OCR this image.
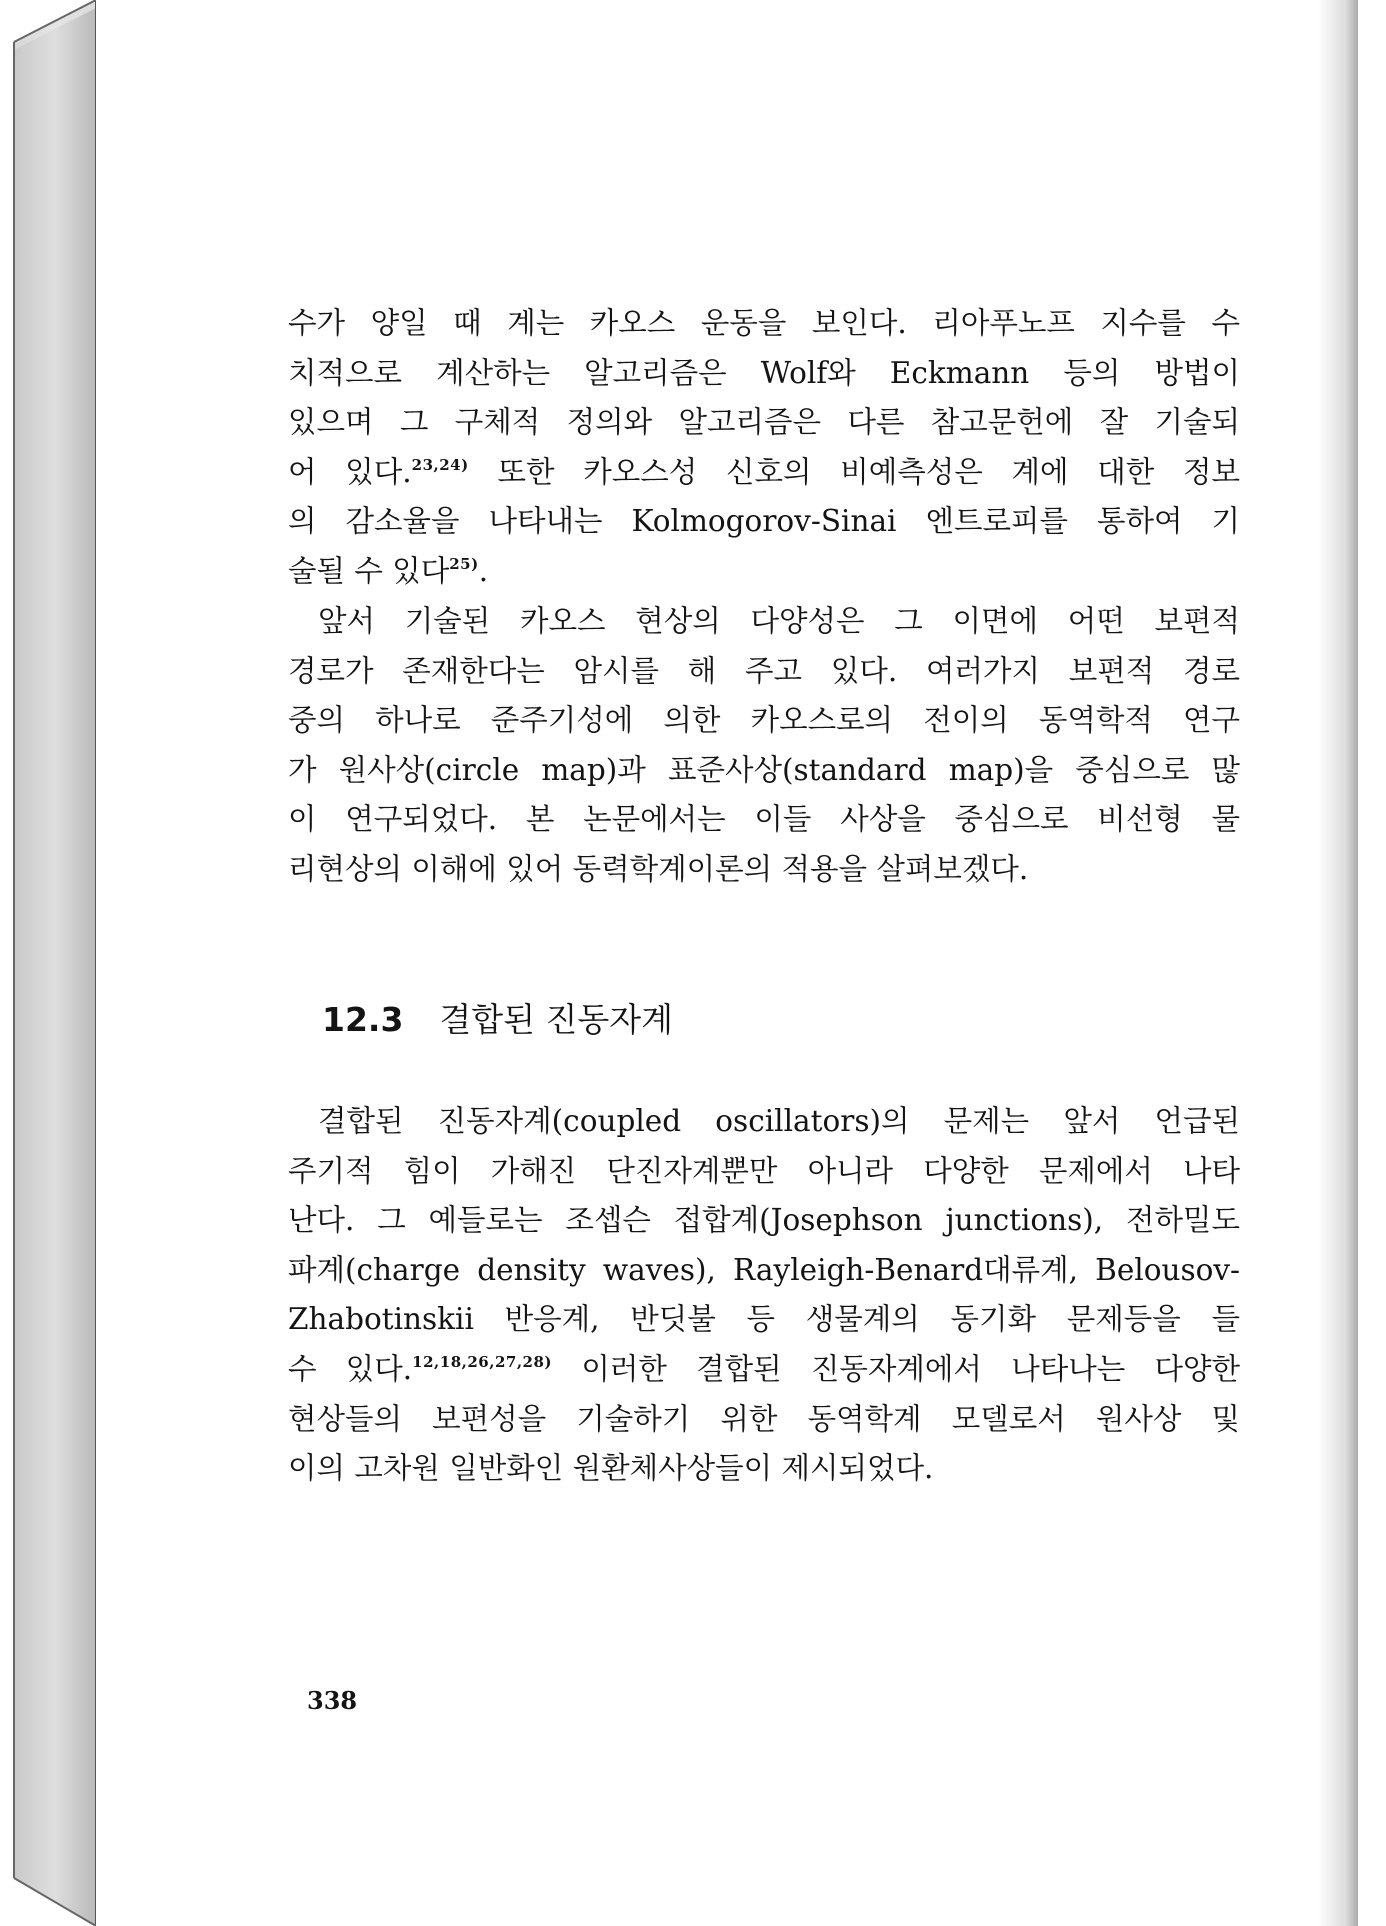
수가 양일 때 계는 카오스 운동을 보인다. 리아푸노프 지수를 수

치적으로 계산하는 알고리즘은 Wolf와 Eckmann 등의 방법이

있으며 그 구체적 정의와 알고리즘은 다른 참고문헌에 잘 기술되

어 있다.$^{23,24)}$ 또한 카오스성 신호의 비예측성은 계에 대한 정보

의 감소율을 나타내는 Kolmogorov-Sinai 엔트로피를 통하여 기

술될 수 있다$^{25)}$.

앞서 기술된 카오스 현상의 다양성은 그 이면에 어떤 보편적

경로가 존재한다는 암시를 해 주고 있다. 여러가지 보편적 경로

중의 하나로 준주기성에 의한 카오스로의 전이의 동역학적 연구

가 원사상(circle map)과 표준사상(standard map)을 중심으로 많

이 연구되었다. 본 논문에서는 이들 사상을 중심으로 비선형 물

리현상의 이해에 있어 동력학계이론의 적용을 살펴보겠다.

12.3 결합된 진동자계

결합된 진동자계(coupled oscillators)의 문제는 앞서 언급된

주기적 힘이 가해진 단진자계뿐만 아니라 다양한 문제에서 나타

난다. 그 예들로는 조셉슨 접합계(Josephson junctions), 전하밀도

파계(charge density waves), Rayleigh-Benard대류계, Belousov-

Zhabotinskii 반응계, 반딧불 등 생물계의 동기화 문제등을 들

수 있다.$^{12,18,26,27,28)}$ 이러한 결합된 진동자계에서 나타나는 다양한

현상들의 보편성을 기술하기 위한 동역학계 모델로서 원사상 및

이의 고차원 일반화인 원환체사상들이 제시되었다.

338
